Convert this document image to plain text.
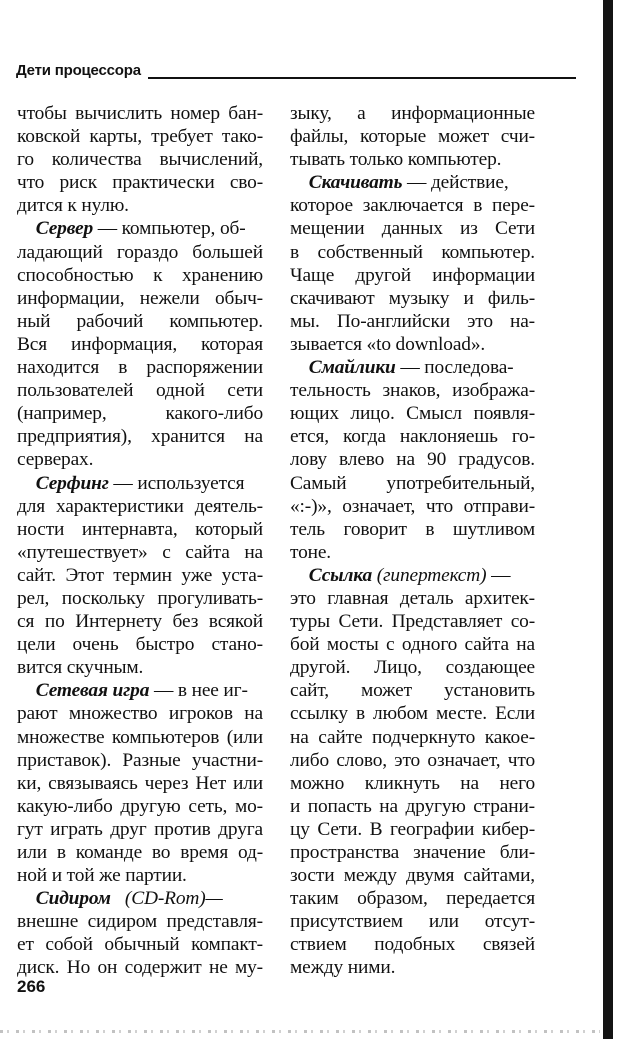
Дети процессора
чтобы вычислить номер бан-
ковской карты, требует тако-
го количества вычислений,
что риск практически сво-
дится к нулю.
Сервер — компьютер, об-
ладающий гораздо большей
способностью к хранению
информации, нежели обыч-
ный рабочий компьютер.
Вся информация, которая
находится в распоряжении
пользователей одной сети
(например, какого-либо
предприятия), хранится на
серверах.
Серфинг — используется
для характеристики деятель-
ности интернавта, который
«путешествует» с сайта на
сайт. Этот термин уже уста-
рел, поскольку прогуливать-
ся по Интернету без всякой
цели очень быстро стано-
вится скучным.
Сетевая игра — в нее иг-
рают множество игроков на
множестве компьютеров (или
приставок). Разные участни-
ки, связываясь через Нет или
какую-либо другую сеть, мо-
гут играть друг против друга
или в команде во время од-
ной и той же партии.
Сидиром   (CD-Rom)—
внешне сидиром представля-
ет собой обычный компакт-
диск. Но он содержит не му-
зыку, а информационные
файлы, которые может счи-
тывать только компьютер.
Скачивать — действие,
которое заключается в пере-
мещении данных из Сети
в собственный компьютер.
Чаще другой информации
скачивают музыку и филь-
мы. По-английски это на-
зывается «to download».
Смайлики — последова-
тельность знаков, изобража-
ющих лицо. Смысл появля-
ется, когда наклоняешь го-
лову влево на 90 градусов.
Самый употребительный,
«:-)», означает, что отправи-
тель говорит в шутливом
тоне.
Ссылка (гипертекст) —
это главная деталь архитек-
туры Сети. Представляет со-
бой мосты с одного сайта на
другой. Лицо, создающее
сайт, может установить
ссылку в любом месте. Если
на сайте подчеркнуто какое-
либо слово, это означает, что
можно кликнуть на него
и попасть на другую страни-
цу Сети. В географии кибер-
пространства значение бли-
зости между двумя сайтами,
таким образом, передается
присутствием или отсут-
ствием подобных связей
между ними.
266
